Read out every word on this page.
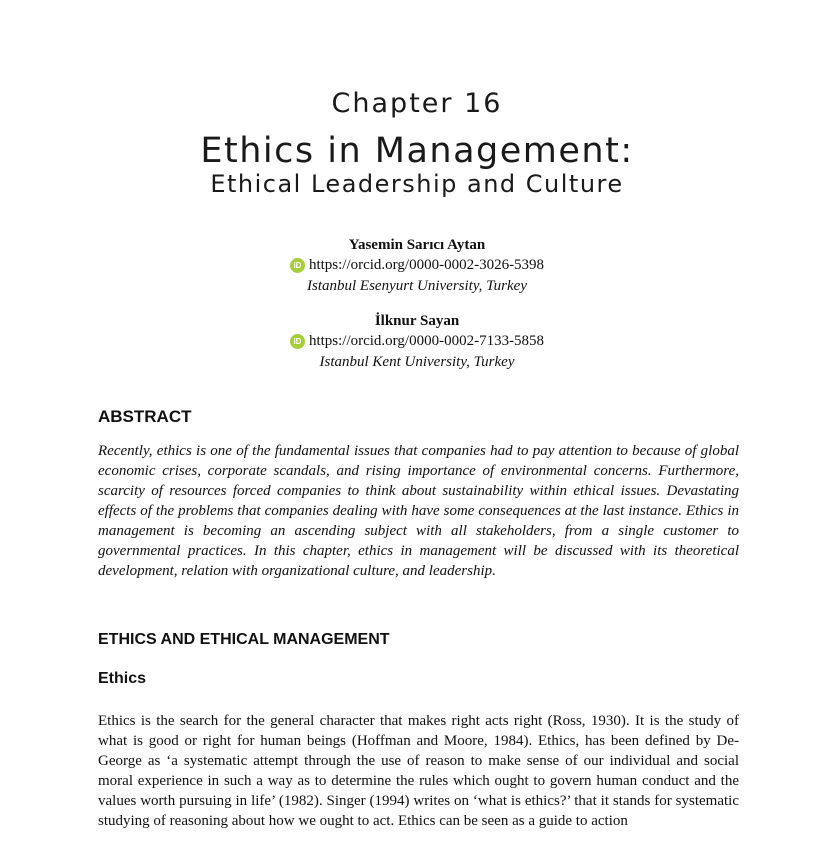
Chapter 16
Ethics in Management:
Ethical Leadership and Culture
Yasemin Sarıcı Aytan
iD https://orcid.org/0000-0002-3026-5398
Istanbul Esenyurt University, Turkey
İlknur Sayan
iD https://orcid.org/0000-0002-7133-5858
Istanbul Kent University, Turkey
ABSTRACT
Recently, ethics is one of the fundamental issues that companies had to pay attention to because of global economic crises, corporate scandals, and rising importance of environmental concerns. Furthermore, scarcity of resources forced companies to think about sustainability within ethical issues. Devastating effects of the problems that companies dealing with have some consequences at the last instance. Ethics in management is becoming an ascending subject with all stakeholders, from a single customer to governmental practices. In this chapter, ethics in management will be discussed with its theoretical development, relation with organizational culture, and leadership.
ETHICS AND ETHICAL MANAGEMENT
Ethics
Ethics is the search for the general character that makes right acts right (Ross, 1930). It is the study of what is good or right for human beings (Hoffman and Moore, 1984). Ethics, has been defined by De-George as ‘a systematic attempt through the use of reason to make sense of our individual and social moral experience in such a way as to determine the rules which ought to govern human conduct and the values worth pursuing in life’ (1982). Singer (1994) writes on ‘what is ethics?’ that it stands for systematic studying of reasoning about how we ought to act. Ethics can be seen as a guide to action
